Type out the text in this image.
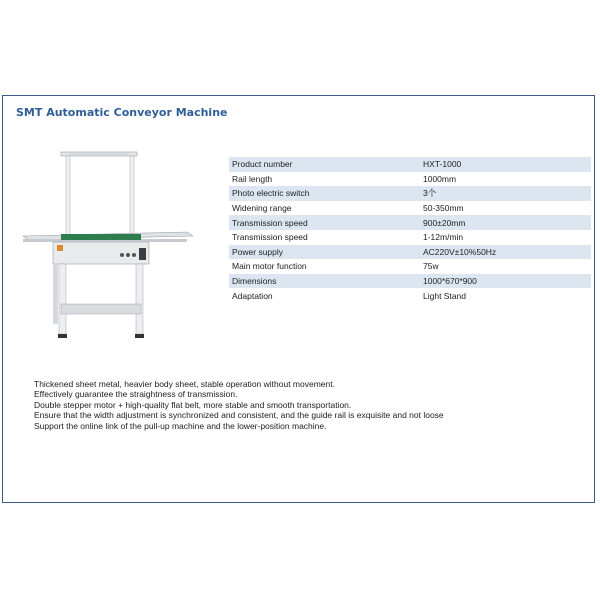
SMT Automatic Conveyor Machine
Product number	HXT-1000
Rail length	1000mm
Photo electric switch	3个
Widening range	50-350mm
Transmission speed	900±20mm
Transmission speed	1-12m/min
Power supply	AC220V±10%50Hz
Main motor function	75w
Dimensions	1000*670*900
Adaptation	Light Stand
Thickened sheet metal, heavier body sheet, stable operation without movement.
Effectively guarantee the straightness of transmission.
Double stepper motor + high-quality flat belt, more stable and smooth transportation.
Ensure that the width adjustment is synchronized and consistent, and the guide rail is exquisite and not loose
Support the online link of the pull-up machine and the lower-position machine.
